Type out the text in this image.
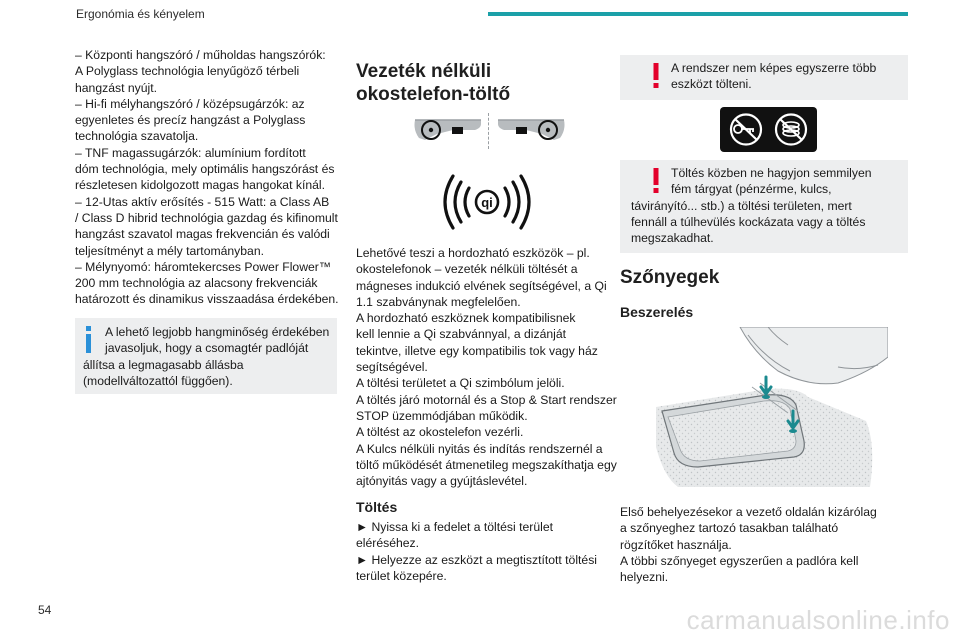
Ergonómia és kényelem
– Központi hangszóró / műholdas hangszórók:
A Polyglass technológia lenyűgöző térbeli
hangzást nyújt.
– Hi-fi mélyhangszóró / középsugárzók: az
egyenletes és precíz hangzást a Polyglass
technológia szavatolja.
– TNF magassugárzók: alumínium fordított
dóm technológia, mely optimális hangszórást és
részletesen kidolgozott magas hangokat kínál.
– 12-Utas aktív erősítés - 515 Watt: a Class AB
/ Class D hibrid technológia gazdag és kifinomult
hangzást szavatol magas frekvencián és valódi
teljesítményt a mély tartományban.
– Mélynyomó: háromtekercses Power Flower™
200 mm technológia az alacsony frekvenciák
határozott és dinamikus visszaadása érdekében.
A lehető legjobb hangminőség érdekében
javasoljuk, hogy a csomagtér padlóját
állítsa a legmagasabb állásba
(modellváltozattól függően).
Vezeték nélküli
okostelefon-töltő
qi
Lehetővé teszi a hordozható eszközök – pl.
okostelefonok – vezeték nélküli töltését a
mágneses indukció elvének segítségével, a Qi
1.1 szabványnak megfelelően.
A hordozható eszköznek kompatibilisnek
kell lennie a Qi szabvánnyal, a dizánját
tekintve, illetve egy kompatibilis tok vagy ház
segítségével.
A töltési területet a Qi szimbólum jelöli.
A töltés járó motornál és a Stop & Start rendszer
STOP üzemmódjában működik.
A töltést az okostelefon vezérli.
A Kulcs nélküli nyitás és indítás rendszernél a
töltő működését átmenetileg megszakíthatja egy
ajtónyitás vagy a gyújtáslevétel.
Töltés
► Nyissa ki a fedelet a töltési terület
eléréséhez.
► Helyezze az eszközt a megtisztított töltési
terület közepére.
A rendszer nem képes egyszerre több
eszközt tölteni.
Töltés közben ne hagyjon semmilyen
fém tárgyat (pénzérme, kulcs,
távirányító... stb.) a töltési területen, mert
fennáll a túlhevülés kockázata vagy a töltés
megszakadhat.
Szőnyegek
Beszerelés
Első behelyezésekor a vezető oldalán kizárólag
a szőnyeghez tartozó tasakban található
rögzítőket használja.
A többi szőnyeget egyszerűen a padlóra kell
helyezni.
54	carmanualsonline.info
